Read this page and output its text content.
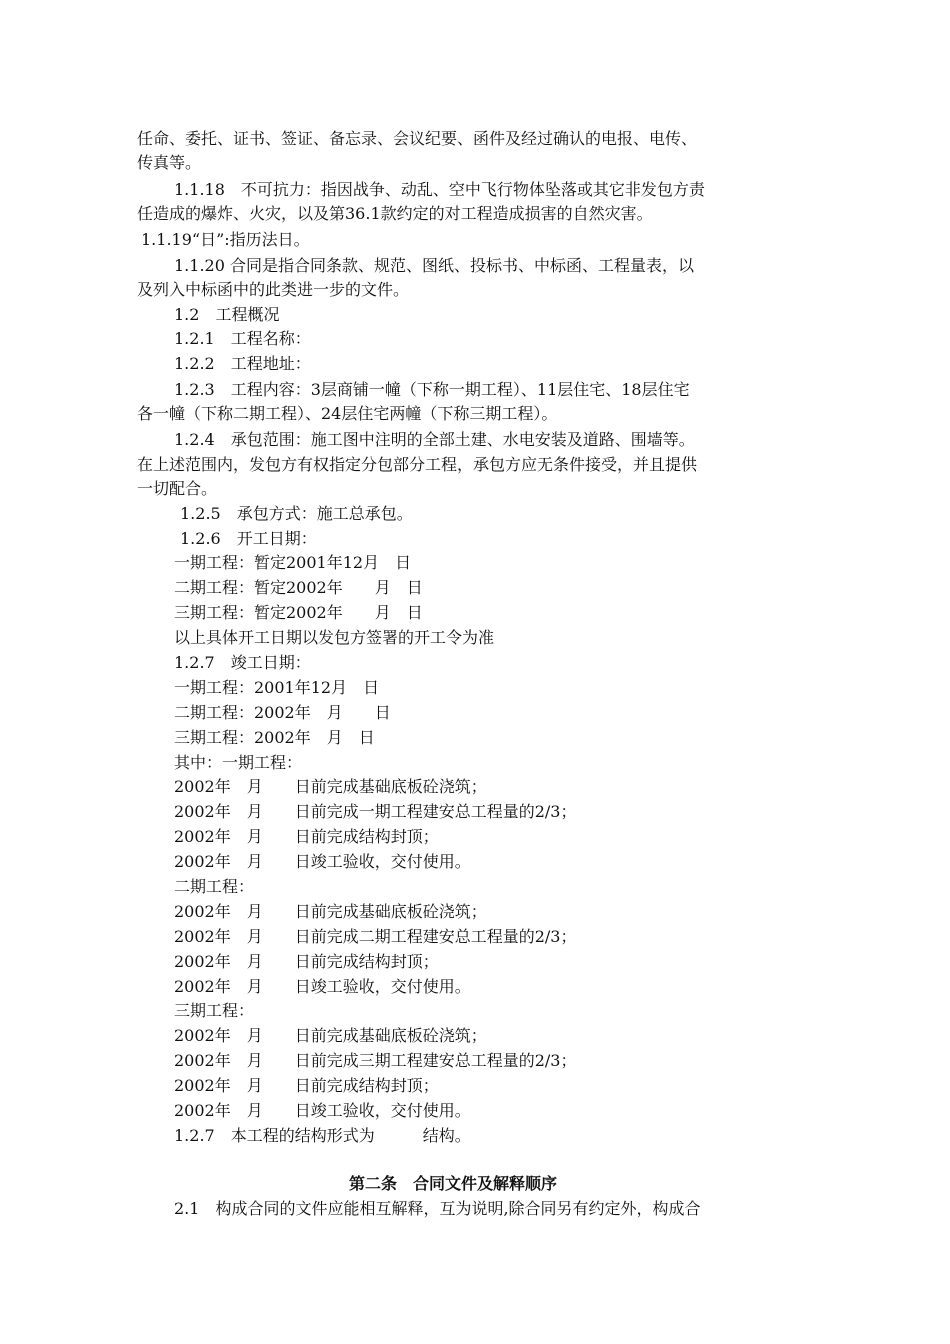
任命、委托、证书、签证、备忘录、会议纪要、函件及经过确认的电报、电传、
传真等。
1.1.18　不可抗力：指因战争、动乱、空中飞行物体坠落或其它非发包方责
任造成的爆炸、火灾，以及第36.1款约定的对工程造成损害的自然灾害。
1.1.19“日”:指历法日。
1.1.20 合同是指合同条款、规范、图纸、投标书、中标函、工程量表，以
及列入中标函中的此类进一步的文件。
1.2　工程概况
1.2.1　工程名称：
1.2.2　工程地址：
1.2.3　工程内容：3层商铺一幢（下称一期工程）、11层住宅、18层住宅
各一幢（下称二期工程）、24层住宅两幢（下称三期工程）。
1.2.4　承包范围：施工图中注明的全部土建、水电安装及道路、围墙等。
在上述范围内，发包方有权指定分包部分工程，承包方应无条件接受，并且提供
一切配合。
1.2.5　承包方式：施工总承包。
1.2.6　开工日期：
一期工程：暂定2001年12月　日
二期工程：暂定2002年　　月　日
三期工程：暂定2002年　　月　日
以上具体开工日期以发包方签署的开工令为准
1.2.7　竣工日期：
一期工程：2001年12月　日
二期工程：2002年　月　　日
三期工程：2002年　月　日
其中：一期工程：
2002年　月　　日前完成基础底板砼浇筑；
2002年　月　　日前完成一期工程建安总工程量的2/3；
2002年　月　　日前完成结构封顶；
2002年　月　　日竣工验收，交付使用。
二期工程：
2002年　月　　日前完成基础底板砼浇筑；
2002年　月　　日前完成二期工程建安总工程量的2/3；
2002年　月　　日前完成结构封顶；
2002年　月　　日竣工验收，交付使用。
三期工程：
2002年　月　　日前完成基础底板砼浇筑；
2002年　月　　日前完成三期工程建安总工程量的2/3；
2002年　月　　日前完成结构封顶；
2002年　月　　日竣工验收，交付使用。
1.2.7　本工程的结构形式为　　　结构。
第二条　合同文件及解释顺序
2.1　构成合同的文件应能相互解释，互为说明,除合同另有约定外，构成合
